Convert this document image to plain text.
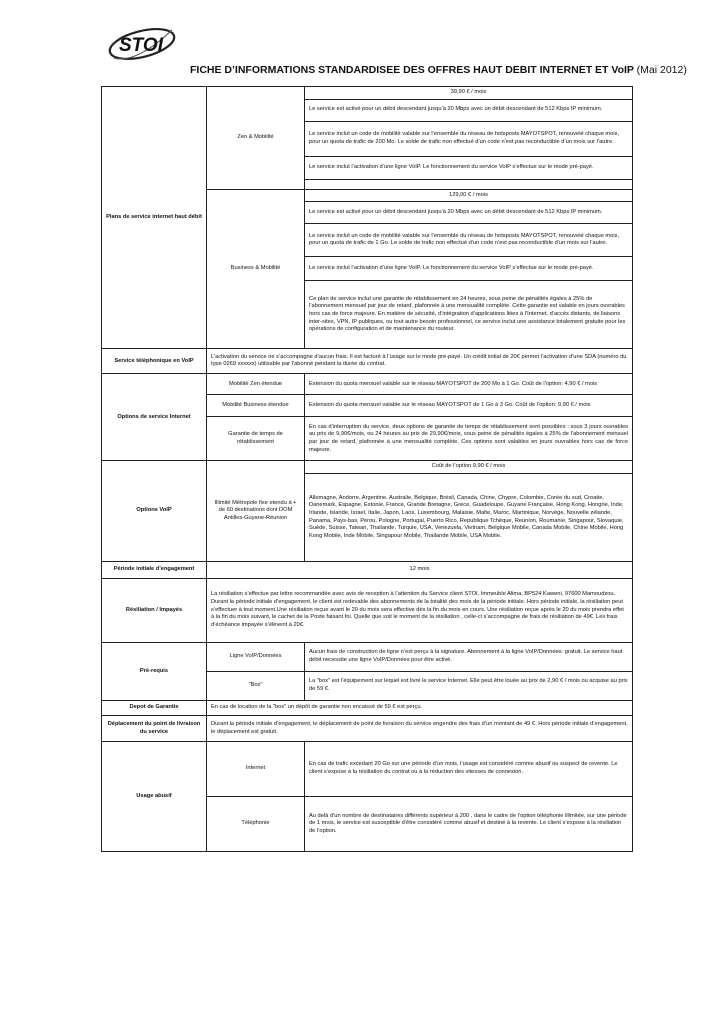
STOI
FICHE D’INFORMATIONS STANDARDISEE DES OFFRES HAUT DEBIT INTERNET ET VoIP (Mai 2012)
Plans de service internet haut débit	Zen & Mobilité	39,90 € / mois
		Le service est activé pour un débit descendant jusqu’à 20 Mbps avec un débit descendant de 512 Kbps IP minimum.
		Le service inclut un code de mobilité valable sur l’ensemble du réseau de hotsposts MAYOTSPOT, renouvelé chaque mois, pour un quota de trafic de 200 Mo. Le solde de trafic non effectué d’un code n’est pas reconductible d’un mois sur l’autre.
		Le service inclut l’activation d’une ligne VoIP. Le fonctionnement du service VoIP s’effectue sur le mode pré-payé.

	Business & Mobilité	129,00 € / mois
		Le service est activé pour un débit descendant jusqu’à 20 Mbps avec un débit descendant de 512 Kbps IP minimum.
		Le service inclut un code de mobilité valable sur l’ensemble du réseau de hotsposts MAYOTSPOT, renouvelé chaque mois, pour un quota de trafic de 1 Go. Le solde de trafic non effectué d’un code n’est pas reconductible d’un mois sur l’autre.
		Le service inclut l’activation d’une ligne VoIP. Le fonctionnement du service VoIP s’effectue sur le mode pré-payé.
		Ce plan de service inclut une garantie de rétablissement en 24 heures, sous peine de pénalités égales à 25% de l’abonnement mensuel par jour de retard, plafonnée à une mensualité complète. Cette garantie est valable en jours ouvrables hors cas de force majeure. En matière de sécurité, d’intégration d’applications liées à l’Internet, d’accès distants, de liaisons inter-sites, VPN, IP publiques, ou tout autre besoin professionnel, ce service inclut une assistance totalement gratuite pour les opérations de configuration et de maintenance du routeur.
Service téléphonique en VoIP	L’activation du service ne s’accompagne d’aucun frais. Il est facturé à l’usage sur le mode pré-payé. Un crédit initial de 20€ permet l’activation d’une SDA (numéro du type 0269 xxxxxx) utilisable par l’abonné pendant la durée du contrat.	
Options de service Internet	Mobilité Zen étendue	Extension du quota mensuel valable sur le réseau MAYOTSPOT de 200 Mo à 1 Go. Coût de l’option: 4,90 € / mois
	Mobilité Business étendue	Extension du quota mensuel valable sur le réseau MAYOTSPOT de 1 Go à 3 Go. Coût de l’option: 9,90 € / mois
	Garantie de temps de rétablissement	En cas d’interruption du service, deux options de garantie de temps de rétablissement sont possibles : sous 3 jours ouvrables au prix de 9,90€/mois, ou 24 heures au prix de 29,90€/mois, sous peine de pénalités égales à 25% de l’abonnement mensuel par jour de retard, plafonnée à une mensualité complète. Ces options sont valables en jours ouvrables hors cas de force majeure.
Options VoIP	Illimité Métropole fixe etendu à + de 60 destinations dont DOM Antilles-Guyane-Réunion	Coût de l’option 9,90 € / mois
		Allemagne, Andorre, Argentine, Australie, Belgique, Brésil, Canada, Chine, Chypre, Colombie, Corée du sud, Croatie, Danemark, Espagne, Estonie, France, Grande Bretagne, Grece, Guadeloupe, Guyane Française, Hong Kong, Hongrie, Inde, Irlande, Islande, Israel, Italie, Japon, Laos, Luxembourg, Malaisie, Malte, Maroc, Martinique, Norvège, Nouvelle zélande, Panama, Pays-bas, Pérou, Pologne, Portugal, Puerto Rico, Republique Tchèque, Reunion, Roumanie, Singapour, Slovaquie, Suède, Suisse, Taiwan, Thailande, Turquie, USA, Venezuela, Vietnam, Belgique Mobile, Canada Mobile, Chine Mobile, Hong Kong Mobile, Inde Mobile, Singapour Mobile, Thailande Mobile, USA Mobile.
Période initiale d’engagement	12 mois	
Résiliation / Impayés	La résiliation s’effectue par lettre recommandée avec avis de reception à l’attention du Service client STOI, Immeuble Alima, BP524 Kaweni, 97600 Mamoudzou. Durant la période initiale d’engagement, le client est redevable des abonnements de la totalité des mois de la période initiale. Hors période initiale, la résiliation peut s’effectuer à tout moment.Une résiliation reçue avant le 20 du mois sera effective dès la fin du mois en cours. Une résiliation reçue après le 20 du mois prendra effet à la fin du mois suivant, le cachet de la Poste faisant foi. Quelle que soit le moment de la résiliation , celle-ci s’accompagne de frais de résiliation de 49€. Les frais d’échéance impayée s’élèvent à 20€.	
Pré-requis	Ligne VoIP/Données	Aucun frais de construction de ligne n’est perçu à la signature. Abonnement à la ligne VoIP/Données: gratuit. Le service haut débit necessite une ligne VoIP/Données pour être activé.
	"Box"	La "box" est l’équipement sur lequel est livré le service Internet. Elle peut être louée au prix de 2,90 € / mois ou acquise au prix de 59 €.
Depot de Garantie	En cas de location de la "box" un dépôt de garantie non encaissé de 59 € est perçu.	
Déplacement du point de livraison du service	Durant la période initiale d’engagement, le déplacement de point de livraison du service engendre des frais d’un montant de 49 €. Hors période initiale d’engagement, le déplacement est gratuit.	
Usage abusif	Internet	En cas de trafic excedant 20 Go sur une période d’un mois, l’usage est considéré comme abusif ou suspect de revente. Le client s’expose à la résiliation du contrat ou à la réduction des vitesses de connexion.
	Téléphonie	Au delà d’un nombre de destinataires différents supérieur à 200 , dans le cadre de l’option téléphonie illimitée, sur une période de 1 mois, le service est susceptible d’être considéré comme abusif et destiné à la revente. Le client s’expose à la résiliation de l’option.
